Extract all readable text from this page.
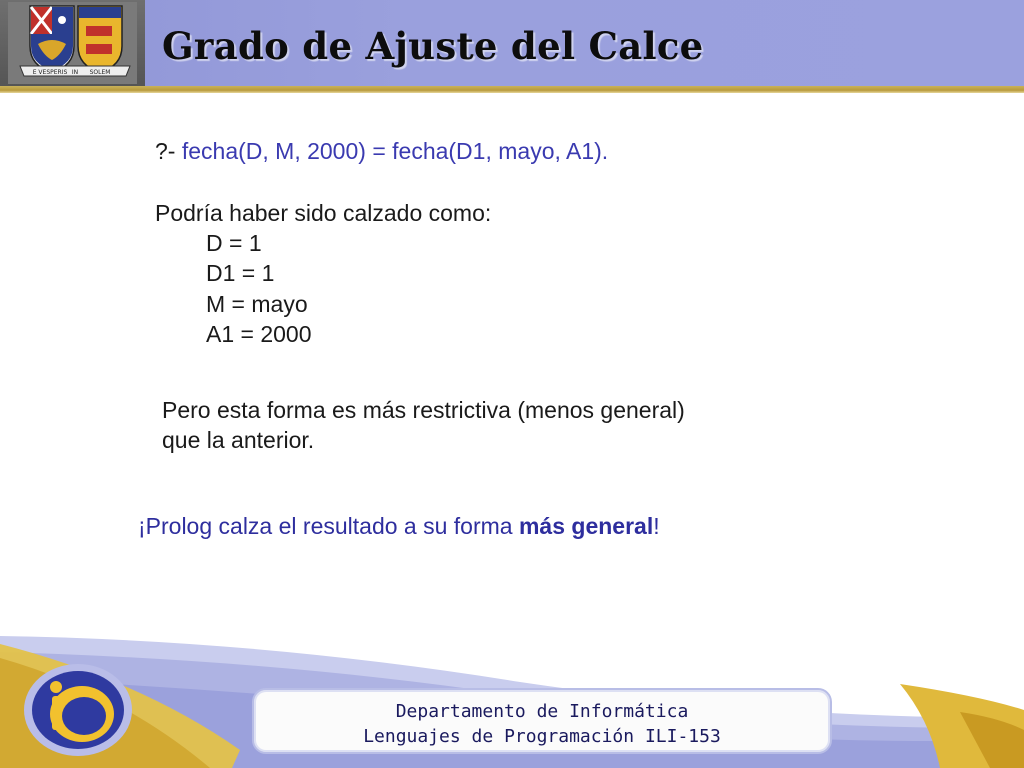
E VESPERIS IN SOLEM
Grado de Ajuste del Calce
?- fecha(D, M, 2000) = fecha(D1, mayo, A1).
Podría haber sido calzado como:
D = 1
D1 = 1
M = mayo
A1 = 2000
Pero esta forma es más restrictiva (menos general)
que la anterior.
¡Prolog calza el resultado a su forma más general!
Departamento de Informática
Lenguajes de Programación ILI-153
